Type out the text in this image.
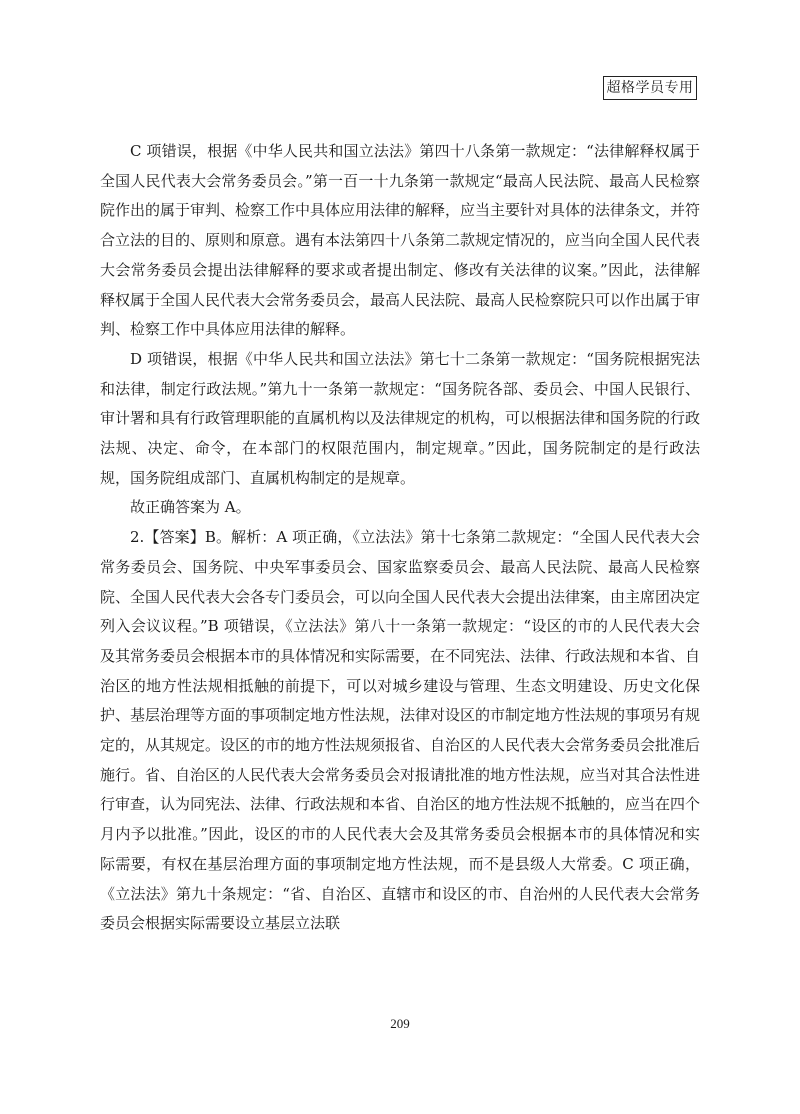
超格学员专用

C 项错误，根据《中华人民共和国立法法》第四十八条第一款规定：“法律解释权属于全国人民代表大会常务委员会。”第一百一十九条第一款规定“最高人民法院、最高人民检察院作出的属于审判、检察工作中具体应用法律的解释，应当主要针对具体的法律条文，并符合立法的目的、原则和原意。遇有本法第四十八条第二款规定情况的，应当向全国人民代表大会常务委员会提出法律解释的要求或者提出制定、修改有关法律的议案。”因此，法律解释权属于全国人民代表大会常务委员会，最高人民法院、最高人民检察院只可以作出属于审判、检察工作中具体应用法律的解释。

D 项错误，根据《中华人民共和国立法法》第七十二条第一款规定：“国务院根据宪法和法律，制定行政法规。”第九十一条第一款规定：“国务院各部、委员会、中国人民银行、审计署和具有行政管理职能的直属机构以及法律规定的机构，可以根据法律和国务院的行政法规、决定、命令，在本部门的权限范围内，制定规章。”因此，国务院制定的是行政法规，国务院组成部门、直属机构制定的是规章。

故正确答案为 A。

2.【答案】B。解析：A 项正确，《立法法》第十七条第二款规定：“全国人民代表大会常务委员会、国务院、中央军事委员会、国家监察委员会、最高人民法院、最高人民检察院、全国人民代表大会各专门委员会，可以向全国人民代表大会提出法律案，由主席团决定列入会议议程。”B 项错误，《立法法》第八十一条第一款规定：“设区的市的人民代表大会及其常务委员会根据本市的具体情况和实际需要，在不同宪法、法律、行政法规和本省、自治区的地方性法规相抵触的前提下，可以对城乡建设与管理、生态文明建设、历史文化保护、基层治理等方面的事项制定地方性法规，法律对设区的市制定地方性法规的事项另有规定的，从其规定。设区的市的地方性法规须报省、自治区的人民代表大会常务委员会批准后施行。省、自治区的人民代表大会常务委员会对报请批准的地方性法规，应当对其合法性进行审查，认为同宪法、法律、行政法规和本省、自治区的地方性法规不抵触的，应当在四个月内予以批准。”因此，设区的市的人民代表大会及其常务委员会根据本市的具体情况和实际需要，有权在基层治理方面的事项制定地方性法规，而不是县级人大常委。C 项正确，《立法法》第九十条规定：“省、自治区、直辖市和设区的市、自治州的人民代表大会常务委员会根据实际需要设立基层立法联

209
